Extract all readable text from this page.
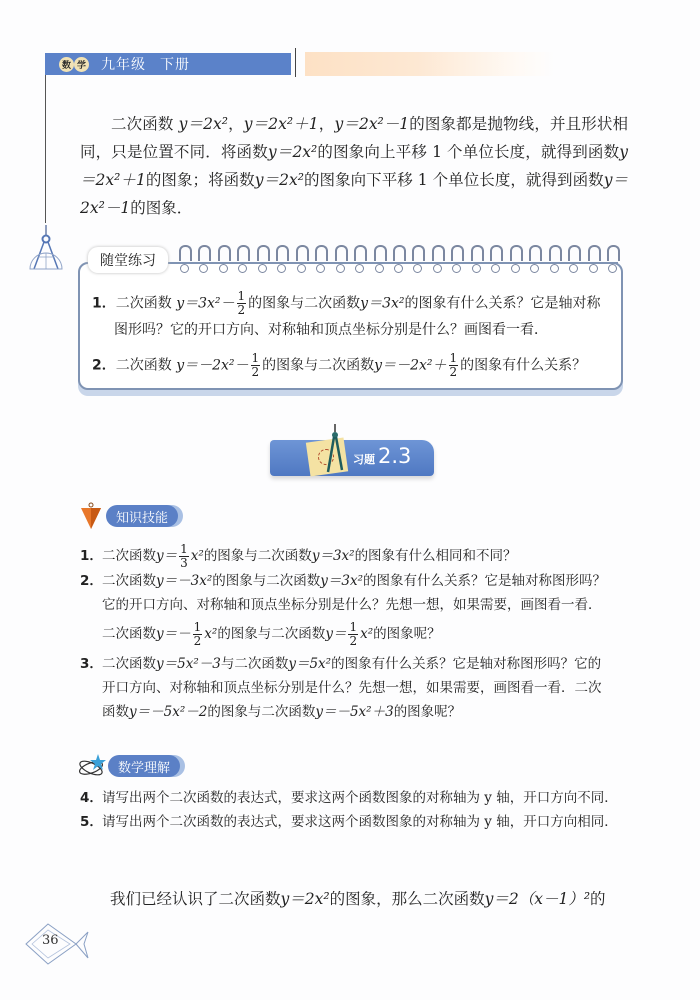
数 学 九年级 下册

二次函数 y＝2x²，y＝2x²＋1，y＝2x²－1的图象都是抛物线，并且形状相同，只是位置不同．将函数y＝2x²的图象向上平移 1 个单位长度，就得到函数y＝2x²＋1的图象；将函数y＝2x²的图象向下平移 1 个单位长度，就得到函数y＝2x²－1的图象．

随堂练习
1．二次函数 $y=3x^2- \frac{1}{2}$ 的图象与二次函数y＝3x²的图象有什么关系？它是轴对称
图形吗？它的开口方向、对称轴和顶点坐标分别是什么？画图看一看．
2．二次函数 $y=-2x^2- \frac{1}{2}$ 的图象与二次函数$y=-2x^2+ \frac{1}{2}$ 的图象有什么关系？
习题 2.3
知识技能
1．二次函数$y= \frac{1}{3} x^2$的图象与二次函数y＝3x²的图象有什么相同和不同？
2．二次函数y＝－3x²的图象与二次函数y＝3x²的图象有什么关系？它是轴对称图形吗？
它的开口方向、对称轴和顶点坐标分别是什么？先想一想，如果需要，画图看一看．
二次函数$y=- \frac{1}{2} x^2$的图象与二次函数$y= \frac{1}{2} x^2$的图象呢？
3．二次函数y＝5x²－3与二次函数y＝5x²的图象有什么关系？它是轴对称图形吗？它的
开口方向、对称轴和顶点坐标分别是什么？先想一想，如果需要，画图看一看．二次
函数y＝－5x²－2的图象与二次函数y＝－5x²＋3的图象呢？
数学理解
4．请写出两个二次函数的表达式，要求这两个函数图象的对称轴为 y 轴，开口方向不同．
5．请写出两个二次函数的表达式，要求这两个函数图象的对称轴为 y 轴，开口方向相同．

我们已经认识了二次函数y＝2x²的图象，那么二次函数y＝2（x－1）²的

36
